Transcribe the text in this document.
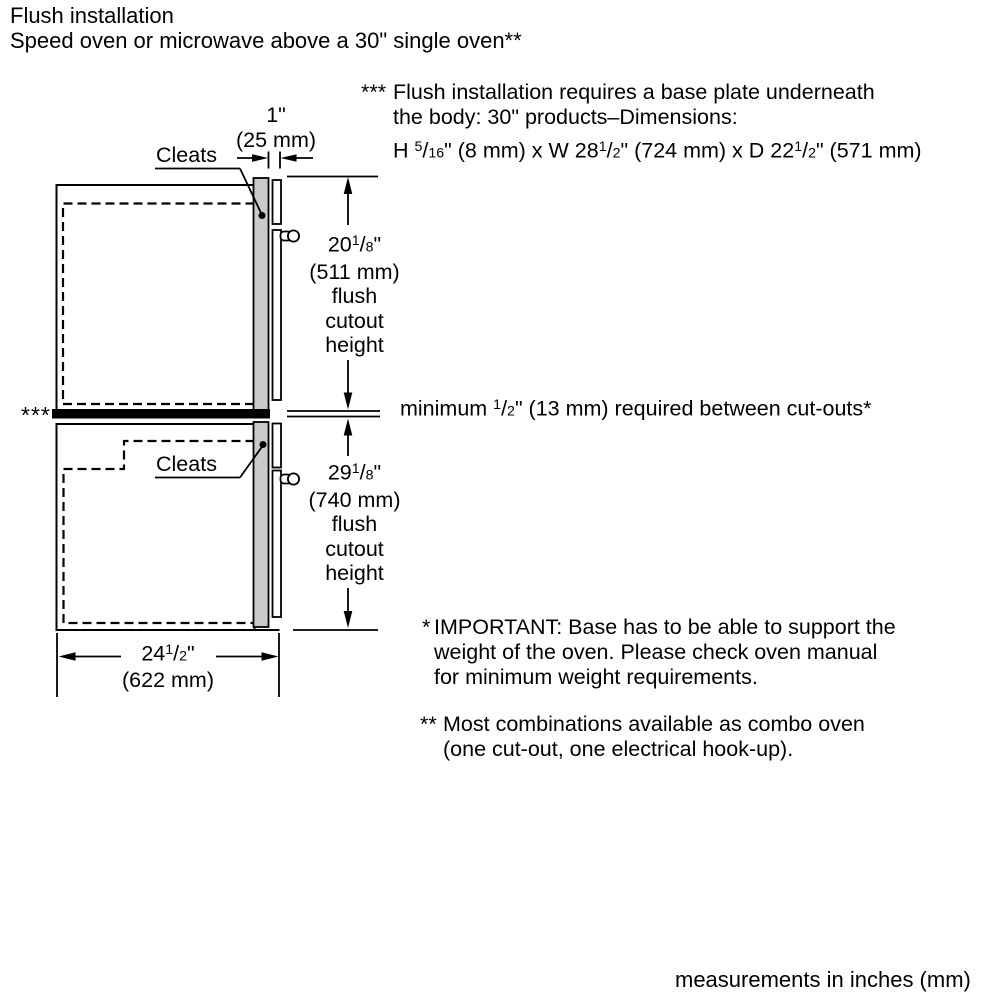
Flush installation
Speed oven or microwave above a 30" single oven**
*** Flush installation requires a base plate underneath
the body: 30" products–Dimensions:
H $^5$/16" (8 mm) x W $28^1/2$" (724 mm) x D $22^1/2$" (571 mm)
1"
(25 mm)
Cleats
$20^1/8$"
(511 mm)
flush
cutout
height
***	minimum $^1$/2" (13 mm) required between cut-outs*
Cleats	$29^1/8$"
(740 mm)
flush
cutout
height
$24^1/2$"
(622 mm)
* IMPORTANT: Base has to be able to support the
weight of the oven. Please check oven manual
for minimum weight requirements.
** Most combinations available as combo oven
(one cut-out, one electrical hook-up).
measurements in inches (mm)
